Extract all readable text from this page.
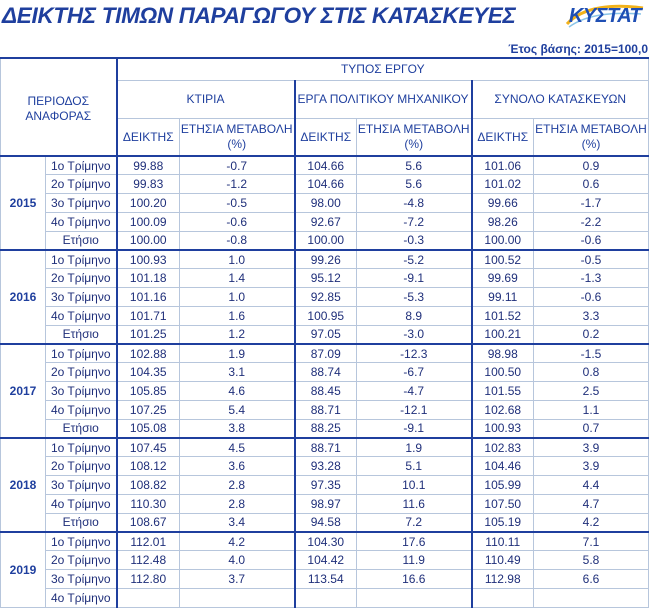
ΔΕΙΚΤΗΣ ΤΙΜΩΝ ΠΑΡΑΓΩΓΟΥ ΣΤΙΣ ΚΑΤΑΣΚΕΥΕΣ	ΚΥΣΤΑΤ
Έτος βάσης: 2015=100,0
ΠΕΡΙΟΔΟΣ ΑΝΑΦΟΡΑΣ		ΤΥΠΟΣ ΕΡΓΟΥ					
		ΚΤΙΡΙΑ		ΕΡΓΑ ΠΟΛΙΤΙΚΟΥ ΜΗΧΑΝΙΚΟΥ		ΣΥΝΟΛΟ ΚΑΤΑΣΚΕΥΩΝ	
		ΔΕΙΚΤΗΣ	ΕΤΗΣΙΑ ΜΕΤΑΒΟΛΗ (%)	ΔΕΙΚΤΗΣ	ΕΤΗΣΙΑ ΜΕΤΑΒΟΛΗ (%)	ΔΕΙΚΤΗΣ	ΕΤΗΣΙΑ ΜΕΤΑΒΟΛΗ (%)
2015	1ο Τρίμηνο	99.88	-0.7	104.66	5.6	101.06	0.9
	2ο Τρίμηνο	99.83	-1.2	104.66	5.6	101.02	0.6
	3ο Τρίμηνο	100.20	-0.5	98.00	-4.8	99.66	-1.7
	4ο Τρίμηνο	100.09	-0.6	92.67	-7.2	98.26	-2.2
	Ετήσιο	100.00	-0.8	100.00	-0.3	100.00	-0.6
2016	1ο Τρίμηνο	100.93	1.0	99.26	-5.2	100.52	-0.5
	2ο Τρίμηνο	101.18	1.4	95.12	-9.1	99.69	-1.3
	3ο Τρίμηνο	101.16	1.0	92.85	-5.3	99.11	-0.6
	4ο Τρίμηνο	101.71	1.6	100.95	8.9	101.52	3.3
	Ετήσιο	101.25	1.2	97.05	-3.0	100.21	0.2
2017	1ο Τρίμηνο	102.88	1.9	87.09	-12.3	98.98	-1.5
	2ο Τρίμηνο	104.35	3.1	88.74	-6.7	100.50	0.8
	3ο Τρίμηνο	105.85	4.6	88.45	-4.7	101.55	2.5
	4ο Τρίμηνο	107.25	5.4	88.71	-12.1	102.68	1.1
	Ετήσιο	105.08	3.8	88.25	-9.1	100.93	0.7
2018	1ο Τρίμηνο	107.45	4.5	88.71	1.9	102.83	3.9
	2ο Τρίμηνο	108.12	3.6	93.28	5.1	104.46	3.9
	3ο Τρίμηνο	108.82	2.8	97.35	10.1	105.99	4.4
	4ο Τρίμηνο	110.30	2.8	98.97	11.6	107.50	4.7
	Ετήσιο	108.67	3.4	94.58	7.2	105.19	4.2
2019	1ο Τρίμηνο	112.01	4.2	104.30	17.6	110.11	7.1
	2ο Τρίμηνο	112.48	4.0	104.42	11.9	110.49	5.8
	3ο Τρίμηνο	112.80	3.7	113.54	16.6	112.98	6.6
	4ο Τρίμηνο						
